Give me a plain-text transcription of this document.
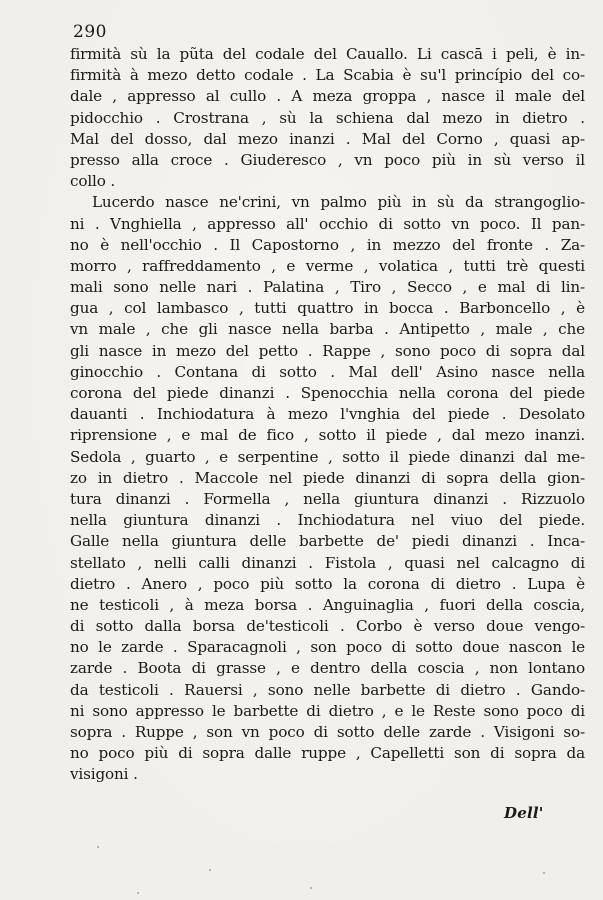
290
firmità sù la pũta del codale del Cauallo. Li cascā i peli, è in-
firmità à mezo detto codale . La Scabia è su'l princípio del co-
dale , appresso al cullo . A meza groppa , nasce il male del
pidocchio . Crostrana , sù la schiena dal mezo in dietro .
Mal del dosso, dal mezo inanzi . Mal del Corno , quasi ap-
presso alla croce . Giuderesco , vn poco più in sù verso il
collo .
Lucerdo nasce ne'crini, vn palmo più in sù da strangoglio-
ni . Vnghiella , appresso all' occhio di sotto vn poco. Il pan-
no è nell'occhio . Il Capostorno , in mezzo del fronte . Za-
morro , raffreddamento , e verme , volatica , tutti trè questi
mali sono nelle nari . Palatina , Tiro , Secco , e mal di lin-
gua , col lambasco , tutti quattro in bocca . Barboncello , è
vn male , che gli nasce nella barba . Antipetto , male , che
gli nasce in mezo del petto . Rappe , sono poco di sopra dal
ginocchio . Contana di sotto . Mal dell' Asino nasce nella
corona del piede dinanzi . Spenocchia nella corona del piede
dauanti . Inchiodatura à mezo l'vnghia del piede . Desolato
riprensione , e mal de fico , sotto il piede , dal mezo inanzi.
Sedola , guarto , e serpentine , sotto il piede dinanzi dal me-
zo in dietro . Maccole nel piede dinanzi di sopra della gion-
tura dinanzi . Formella , nella giuntura dinanzi . Rizzuolo
nella giuntura dinanzi . Inchiodatura nel viuo del piede.
Galle nella giuntura delle barbette de' piedi dinanzi . Inca-
stellato , nelli calli dinanzi . Fistola , quasi nel calcagno di
dietro . Anero , poco più sotto la corona di dietro . Lupa è
ne testicoli , à meza borsa . Anguinaglia , fuori della coscia,
di sotto dalla borsa de'testicoli . Corbo è verso doue vengo-
no le zarde . Sparacagnoli , son poco di sotto doue nascon le
zarde . Boota di grasse , e dentro della coscia , non lontano
da testicoli . Rauersi , sono nelle barbette di dietro . Gando-
ni sono appresso le barbette di dietro , e le Reste sono poco di
sopra . Ruppe , son vn poco di sotto delle zarde . Visigoni so-
no poco più di sopra dalle ruppe , Capelletti son di sopra da
visigoni .
Dell'
